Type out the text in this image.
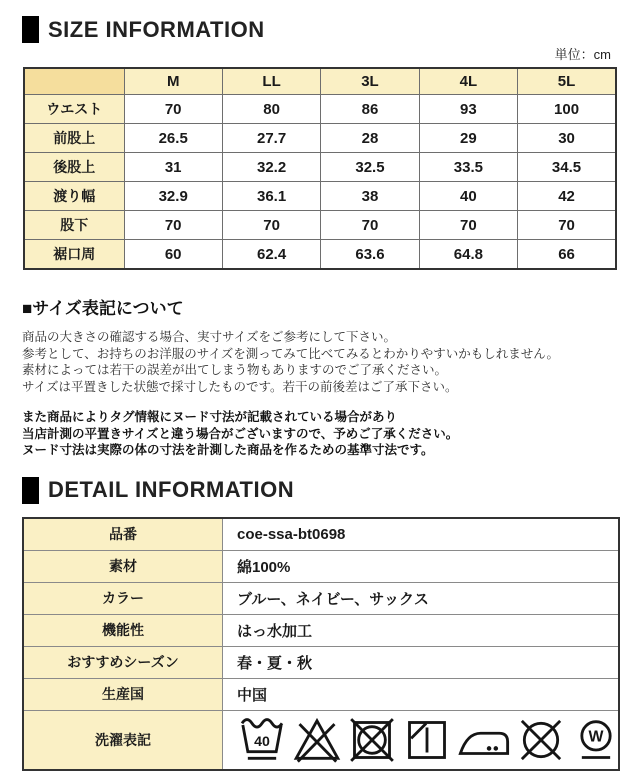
SIZE INFORMATION
単位：cm
	M	LL	3L	4L	5L
ウエスト	70	80	86	93	100
前股上	26.5	27.7	28	29	30
後股上	31	32.2	32.5	33.5	34.5
渡り幅	32.9	36.1	38	40	42
股下	70	70	70	70	70
裾口周	60	62.4	63.6	64.8	66
■サイズ表記について
商品の大きさの確認する場合、実寸サイズをご参考にして下さい。
参考として、お持ちのお洋服のサイズを測ってみて比べてみるとわかりやすいかもしれません。
素材によっては若干の誤差が出てしまう物もありますのでご了承ください。
サイズは平置きした状態で採寸したものです。若干の前後差はご了承下さい。
また商品によりタグ情報にヌード寸法が記載されている場合があり
当店計測の平置きサイズと違う場合がございますので、予めご了承ください。
ヌード寸法は実際の体の寸法を計測した商品を作るための基準寸法です。
DETAIL INFORMATION
品番	coe-ssa-bt0698
素材	綿100%
カラー	ブルー、ネイビー、サックス
機能性	はっ水加工
おすすめシーズン	春・夏・秋
生産国	中国
洗濯表記	40 W
